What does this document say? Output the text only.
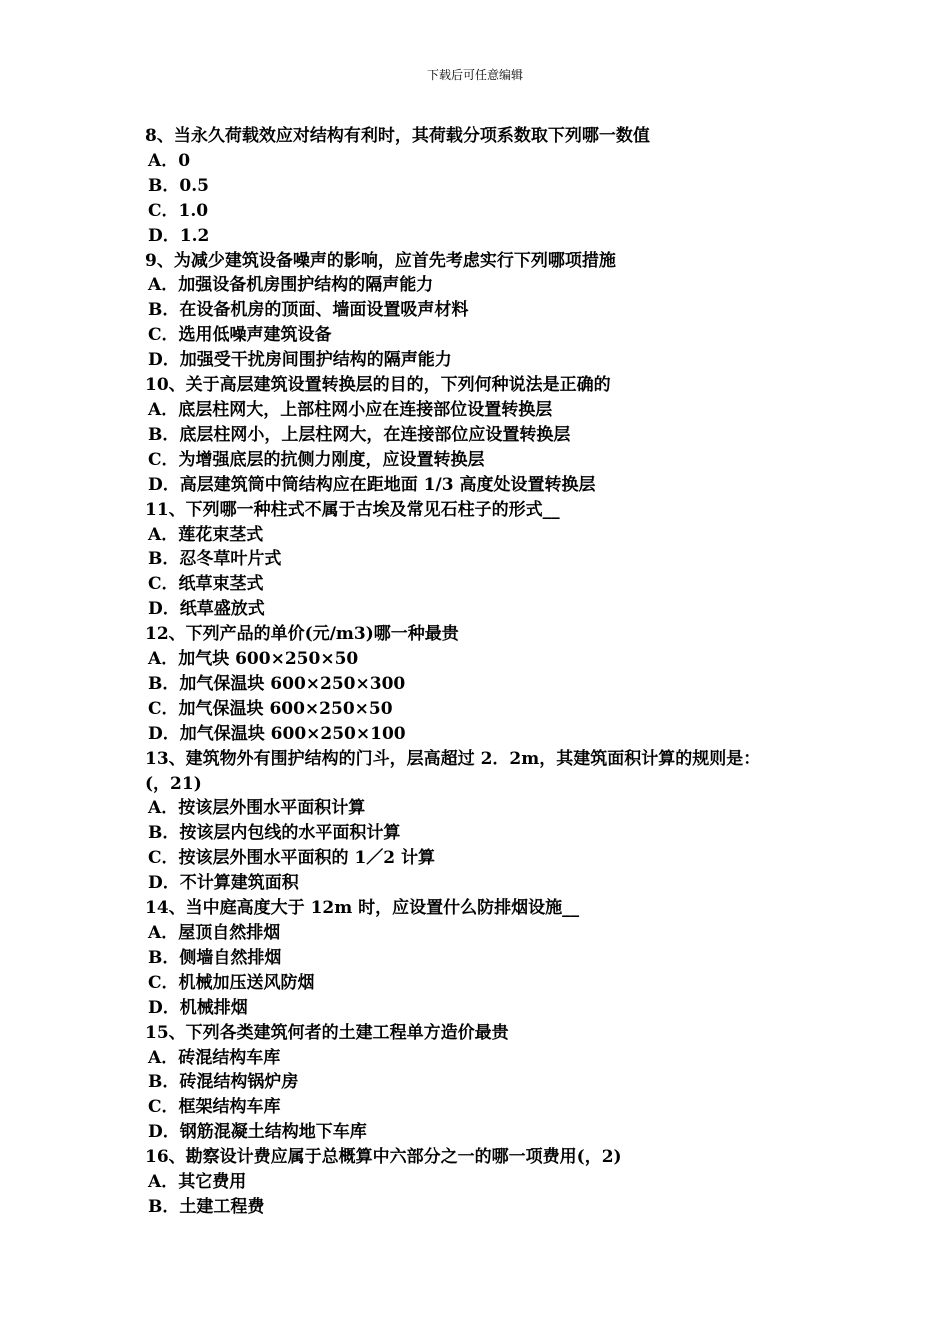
下载后可任意编辑
8、当永久荷载效应对结构有利时，其荷载分项系数取下列哪一数值
A．0
B．0.5
C．1.0
D．1.2
9、为减少建筑设备噪声的影响，应首先考虑实行下列哪项措施
A．加强设备机房围护结构的隔声能力
B．在设备机房的顶面、墙面设置吸声材料
C．选用低噪声建筑设备
D．加强受干扰房间围护结构的隔声能力
10、关于高层建筑设置转换层的目的，下列何种说法是正确的
A．底层柱网大，上部柱网小应在连接部位设置转换层
B．底层柱网小，上层柱网大，在连接部位应设置转换层
C．为增强底层的抗侧力刚度，应设置转换层
D．高层建筑筒中筒结构应在距地面 1/3 高度处设置转换层
11、下列哪一种柱式不属于古埃及常见石柱子的形式__
A．莲花束茎式
B．忍冬草叶片式
C．纸草束茎式
D．纸草盛放式
12、下列产品的单价(元/m3)哪一种最贵
A．加气块 600×250×50
B．加气保温块 600×250×300
C．加气保温块 600×250×50
D．加气保温块 600×250×100
13、建筑物外有围护结构的门斗，层高超过 2．2m，其建筑面积计算的规则是：
(，21)
A．按该层外围水平面积计算
B．按该层内包线的水平面积计算
C．按该层外围水平面积的 1／2 计算
D．不计算建筑面积
14、当中庭高度大于 12m 时，应设置什么防排烟设施__
A．屋顶自然排烟
B．侧墙自然排烟
C．机械加压送风防烟
D．机械排烟
15、下列各类建筑何者的土建工程单方造价最贵
A．砖混结构车库
B．砖混结构锅炉房
C．框架结构车库
D．钢筋混凝土结构地下车库
16、勘察设计费应属于总概算中六部分之一的哪一项费用(，2)
A．其它费用
B．土建工程费
